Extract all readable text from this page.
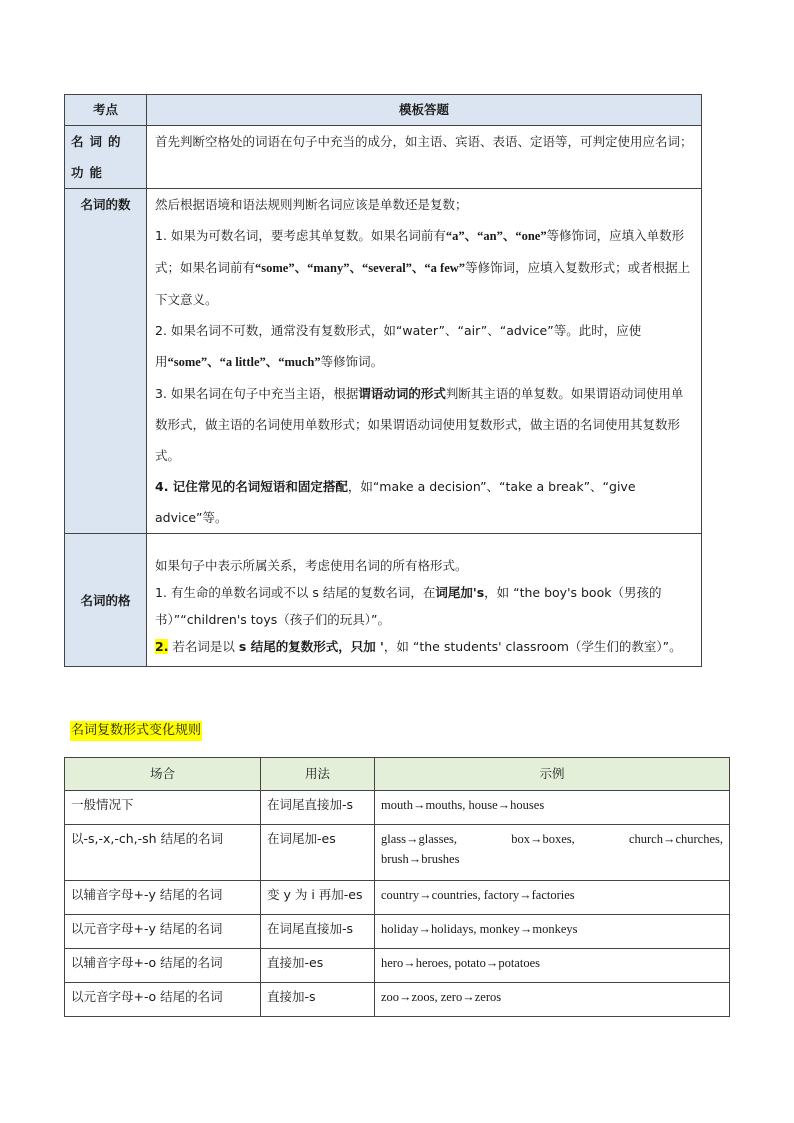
考点	模板答题
名词的功能	首先判断空格处的词语在句子中充当的成分，如主语、宾语、表语、定语等，可判定使用应名词；
名词的数	然后根据语境和语法规则判断名词应该是单数还是复数；

1. 如果为可数名词，要考虑其单复数。如果名词前有“a”、“an”、“one”等修饰词，应填入单数形式；如果名词前有“some”、“many”、“several”、“a few”等修饰词，应填入复数形式；或者根据上下文意义。

2. 如果名词不可数，通常没有复数形式，如“water”、“air”、“advice”等。此时，应使用“some”、“a little”、“much”等修饰词。

3. 如果名词在句子中充当主语，根据谓语动词的形式判断其主语的单复数。如果谓语动词使用单数形式，做主语的名词使用单数形式；如果谓语动词使用复数形式，做主语的名词使用其复数形式。

4. 记住常见的名词短语和固定搭配，如“make a decision”、“take a break”、“give advice”等。

名词的格	如果句子中表示所属关系，考虑使用名词的所有格形式。

1. 有生命的单数名词或不以 s 结尾的复数名词，在词尾加's，如 “the boy's book（男孩的书）”“children's toys（孩子们的玩具）”。

2. 若名词是以 s 结尾的复数形式，只加 '，如 “the students' classroom（学生们的教室）”。

名词复数形式变化规则
场合	用法	示例
一般情况下	在词尾直接加-s	mouth→mouths, house→houses
以-s,-x,-ch,-sh 结尾的名词	在词尾加-es	glass→glasses, box→boxes, church→churches,
brush→brushes

以辅音字母+-y 结尾的名词	变 y 为 i 再加-es	country→countries, factory→factories
以元音字母+-y 结尾的名词	在词尾直接加-s	holiday→holidays, monkey→monkeys
以辅音字母+-o 结尾的名词	直接加-es	hero→heroes, potato→potatoes
以元音字母+-o 结尾的名词	直接加-s	zoo→zoos, zero→zeros
